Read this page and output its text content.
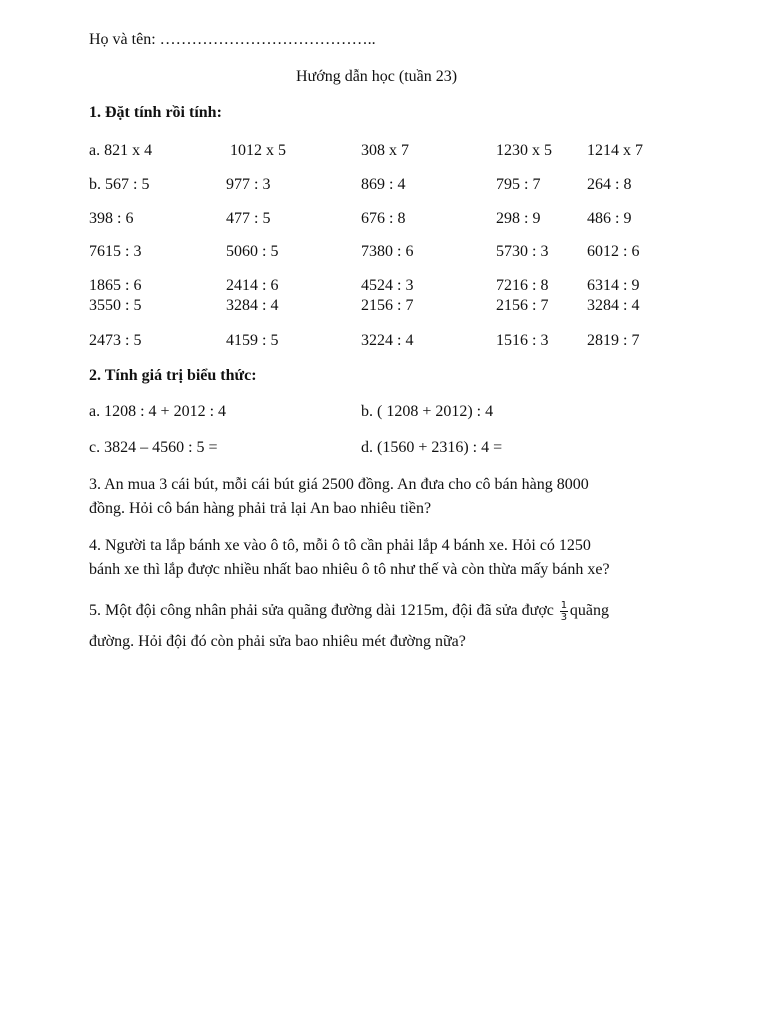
Họ và tên: …………………………………..
Hướng dẫn học (tuần 23)
1. Đặt tính rồi tính:
a. 821 x 4	1012 x 5	308 x 7	1230 x 5 1214 x 7
b. 567 : 5	977 : 3	869 : 4	795 : 7	264 : 8
398 : 6	477 : 5	676 : 8	298 : 9	486 : 9
7615 : 3	5060 : 5	7380 : 6	5730 : 3 6012 : 6
1865 : 6	2414 : 6	4524 : 3	7216 : 8 6314 : 9
3550 : 5	3284 : 4	2156 : 7	2156 : 7 3284 : 4
2473 : 5	4159 : 5	3224 : 4	1516 : 3 2819 : 7
2. Tính giá trị biểu thức:
a. 1208 : 4 + 2012 : 4	b. ( 1208 + 2012) : 4
c. 3824 – 4560 : 5 =	d. (1560 + 2316) : 4 =
3. An mua 3 cái bút, mỗi cái bút giá 2500 đồng. An đưa cho cô bán hàng 8000
đồng. Hỏi cô bán hàng phải trả lại An bao nhiêu tiền?
4. Người ta lắp bánh xe vào ô tô, mỗi ô tô cần phải lắp 4 bánh xe. Hỏi có 1250
bánh xe thì lắp được nhiều nhất bao nhiêu ô tô như thế và còn thừa mấy bánh xe?
5. Một đội công nhân phải sửa quãng đường dài 1215m, đội đã sửa được $\frac{1}{3}$ quãng
đường. Hỏi đội đó còn phải sửa bao nhiêu mét đường nữa?
